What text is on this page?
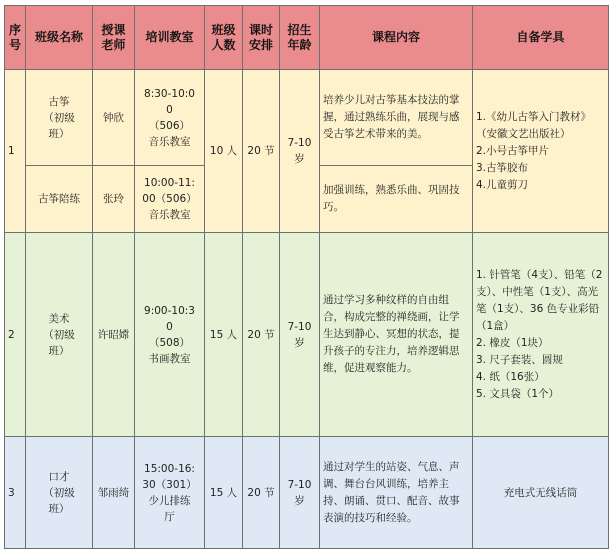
序号	班级名称	授课老师	培训教室	班级人数	课时安排	招生年龄	课程内容	自备学具
1	古筝
（初级
班）	钟欣	8:30-10:0
0
（506）
音乐教室	10 人	20 节	7-10
岁	培养少儿对古筝基本技法的掌握，通过熟练乐曲，展现与感受古筝艺术带来的美。	1.《幼儿古筝入门教材》（安徽文艺出版社）
2.小号古筝甲片
3.古筝胶布
4.儿童剪刀
	古筝陪练	张玲	10:00-11:
00（506）
音乐教室				加强训练，熟悉乐曲、巩固技巧。	
2	美术
（初级
班）	许昭嫦	9:00-10:3
0
（508）
书画教室	15 人	20 节	7-10
岁	通过学习多种纹样的自由组合，构成完整的禅绕画，让学生达到静心、冥想的状态，提升孩子的专注力，培养逻辑思维，促进观察能力。	1. 针管笔（4支）、铅笔（2支）、中性笔（1支）、高光笔（1支）、36 色专业彩铅（1盒）
2. 橡皮（1块）
3. 尺子套装、圆规
4. 纸（16张）
5. 文具袋（1个）
3	口才
（初级
班）	邹雨绮	15:00-16:
30（301）
少儿排练
厅	15 人	20 节	7-10
岁	通过对学生的站姿、气息、声调、舞台台风训练，培养主持、朗诵、贯口、配音、故事表演的技巧和经验。	充电式无线话筒
